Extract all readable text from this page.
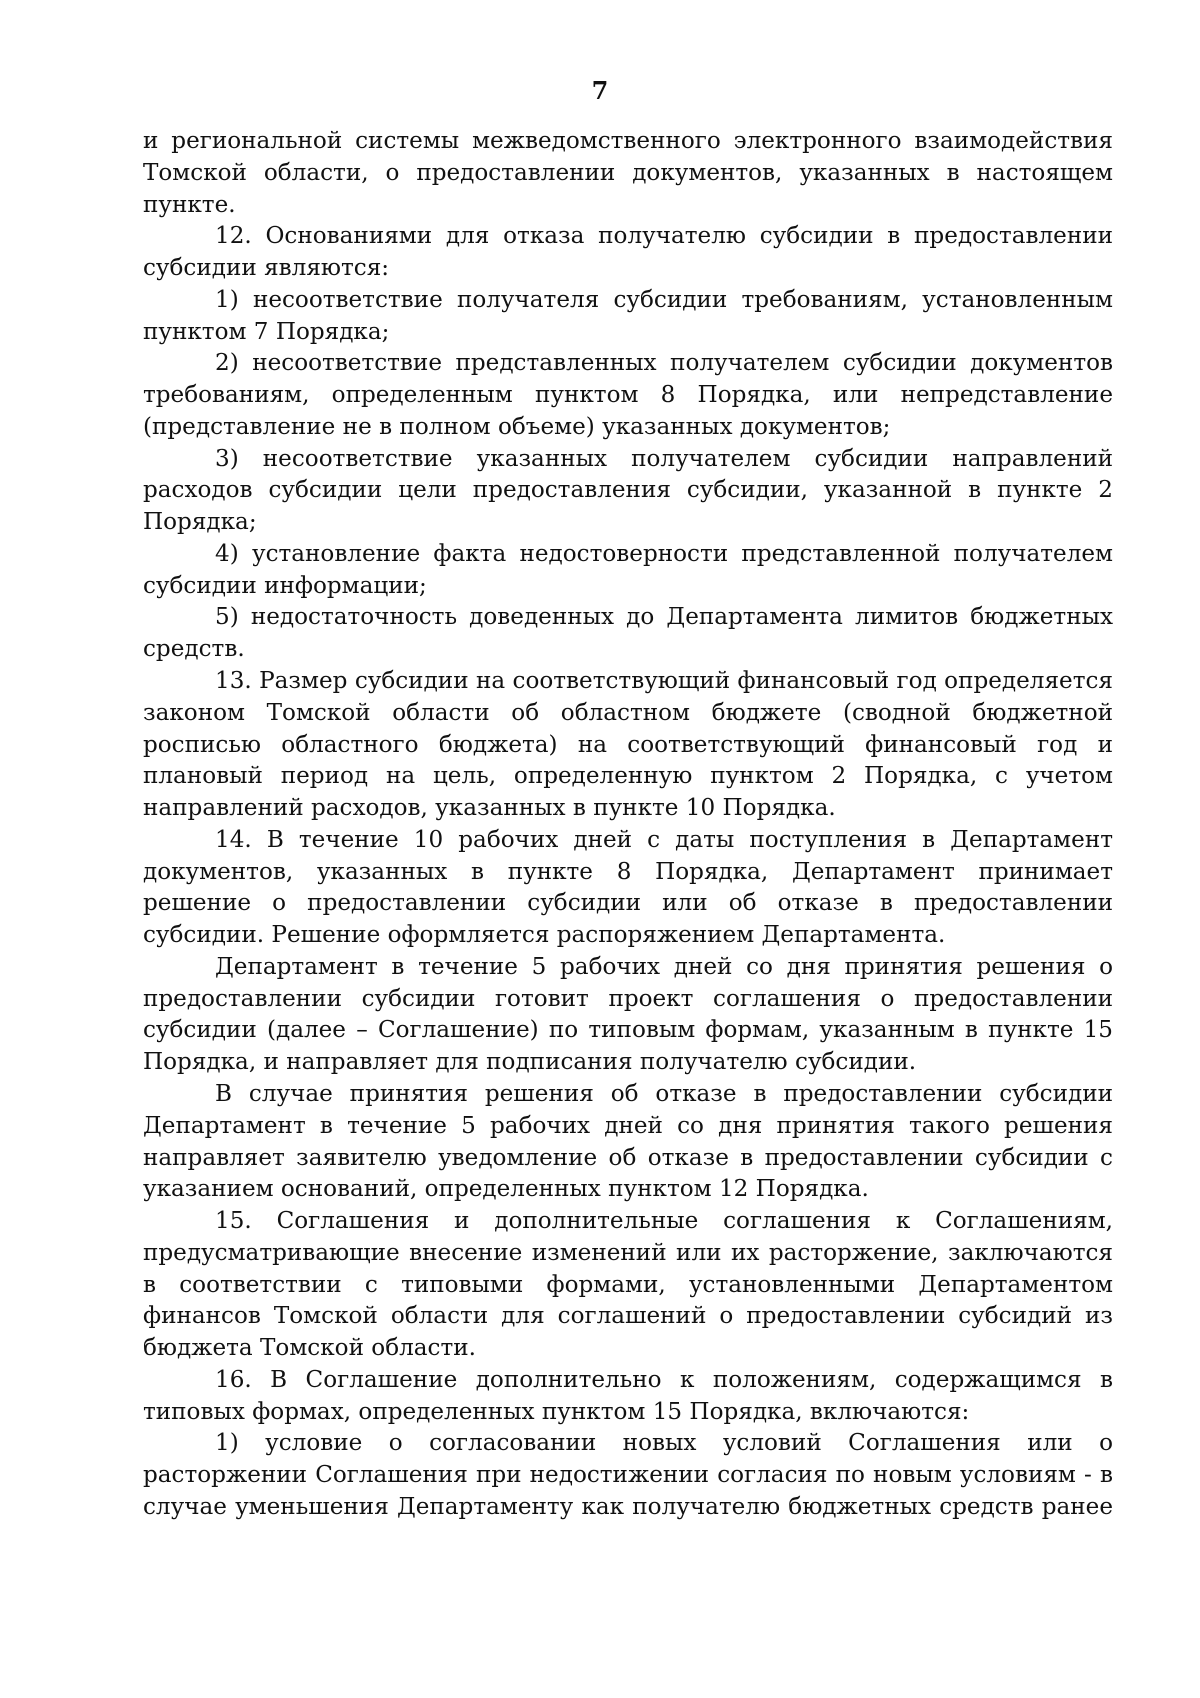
7

и региональной системы межведомственного электронного взаимодействия Томской области, о предоставлении документов, указанных в настоящем пункте.

12. Основаниями для отказа получателю субсидии в предоставлении субсидии являются:

1) несоответствие получателя субсидии требованиям, установленным пунктом 7 Порядка;

2) несоответствие представленных получателем субсидии документов требованиям, определенным пунктом 8 Порядка, или непредставление (представление не в полном объеме) указанных документов;

3) несоответствие указанных получателем субсидии направлений расходов субсидии цели предоставления субсидии, указанной в пункте 2 Порядка;

4) установление факта недостоверности представленной получателем субсидии информации;

5) недостаточность доведенных до Департамента лимитов бюджетных средств.

13. Размер субсидии на соответствующий финансовый год определяется законом Томской области об областном бюджете (сводной бюджетной росписью областного бюджета) на соответствующий финансовый год и плановый период на цель, определенную пунктом 2 Порядка, с учетом направлений расходов, указанных в пункте 10 Порядка.

14. В течение 10 рабочих дней с даты поступления в Департамент документов, указанных в пункте 8 Порядка, Департамент принимает решение о предоставлении субсидии или об отказе в предоставлении субсидии. Решение оформляется распоряжением Департамента.

Департамент в течение 5 рабочих дней со дня принятия решения о предоставлении субсидии готовит проект соглашения о предоставлении субсидии (далее – Соглашение) по типовым формам, указанным в пункте 15 Порядка, и направляет для подписания получателю субсидии.

В случае принятия решения об отказе в предоставлении субсидии Департамент в течение 5 рабочих дней со дня принятия такого решения направляет заявителю уведомление об отказе в предоставлении субсидии с указанием оснований, определенных пунктом 12 Порядка.

15. Соглашения и дополнительные соглашения к Соглашениям, предусматривающие внесение изменений или их расторжение, заключаются в соответствии с типовыми формами, установленными Департаментом финансов Томской области для соглашений о предоставлении субсидий из бюджета Томской области.

16. В Соглашение дополнительно к положениям, содержащимся в типовых формах, определенных пунктом 15 Порядка, включаются:

1) условие о согласовании новых условий Соглашения или о расторжении Соглашения при недостижении согласия по новым условиям - в случае уменьшения Департаменту как получателю бюджетных средств ранее
